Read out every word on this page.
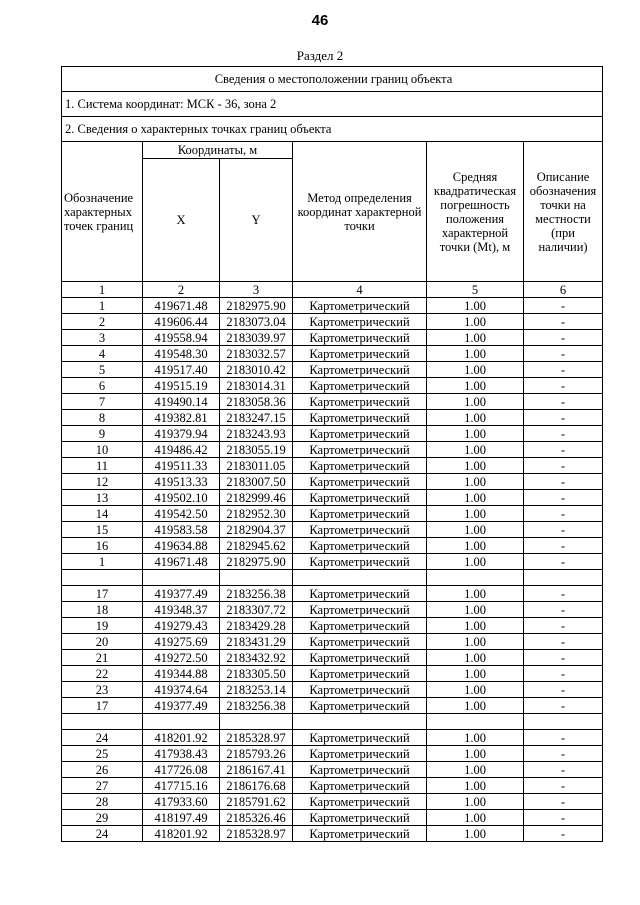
46
Раздел 2
Сведения о местоположении границ объекта					
1. Система координат: МСК - 36, зона 2					
2. Сведения о характерных точках границ объекта					
Обозначение характерных точек границ	Координаты, м		Метод определения координат характерной точки	Средняя квадратическая погрешность положения характерной точки (Mt), м	Описание обозначения точки на местности (при наличии)
	X	Y			
1	2	3	4	5	6
1	419671.48	2182975.90	Картометрический	1.00	-
2	419606.44	2183073.04	Картометрический	1.00	-
3	419558.94	2183039.97	Картометрический	1.00	-
4	419548.30	2183032.57	Картометрический	1.00	-
5	419517.40	2183010.42	Картометрический	1.00	-
6	419515.19	2183014.31	Картометрический	1.00	-
7	419490.14	2183058.36	Картометрический	1.00	-
8	419382.81	2183247.15	Картометрический	1.00	-
9	419379.94	2183243.93	Картометрический	1.00	-
10	419486.42	2183055.19	Картометрический	1.00	-
11	419511.33	2183011.05	Картометрический	1.00	-
12	419513.33	2183007.50	Картометрический	1.00	-
13	419502.10	2182999.46	Картометрический	1.00	-
14	419542.50	2182952.30	Картометрический	1.00	-
15	419583.58	2182904.37	Картометрический	1.00	-
16	419634.88	2182945.62	Картометрический	1.00	-
1	419671.48	2182975.90	Картометрический	1.00	-

17	419377.49	2183256.38	Картометрический	1.00	-
18	419348.37	2183307.72	Картометрический	1.00	-
19	419279.43	2183429.28	Картометрический	1.00	-
20	419275.69	2183431.29	Картометрический	1.00	-
21	419272.50	2183432.92	Картометрический	1.00	-
22	419344.88	2183305.50	Картометрический	1.00	-
23	419374.64	2183253.14	Картометрический	1.00	-
17	419377.49	2183256.38	Картометрический	1.00	-

24	418201.92	2185328.97	Картометрический	1.00	-
25	417938.43	2185793.26	Картометрический	1.00	-
26	417726.08	2186167.41	Картометрический	1.00	-
27	417715.16	2186176.68	Картометрический	1.00	-
28	417933.60	2185791.62	Картометрический	1.00	-
29	418197.49	2185326.46	Картометрический	1.00	-
24	418201.92	2185328.97	Картометрический	1.00	-
